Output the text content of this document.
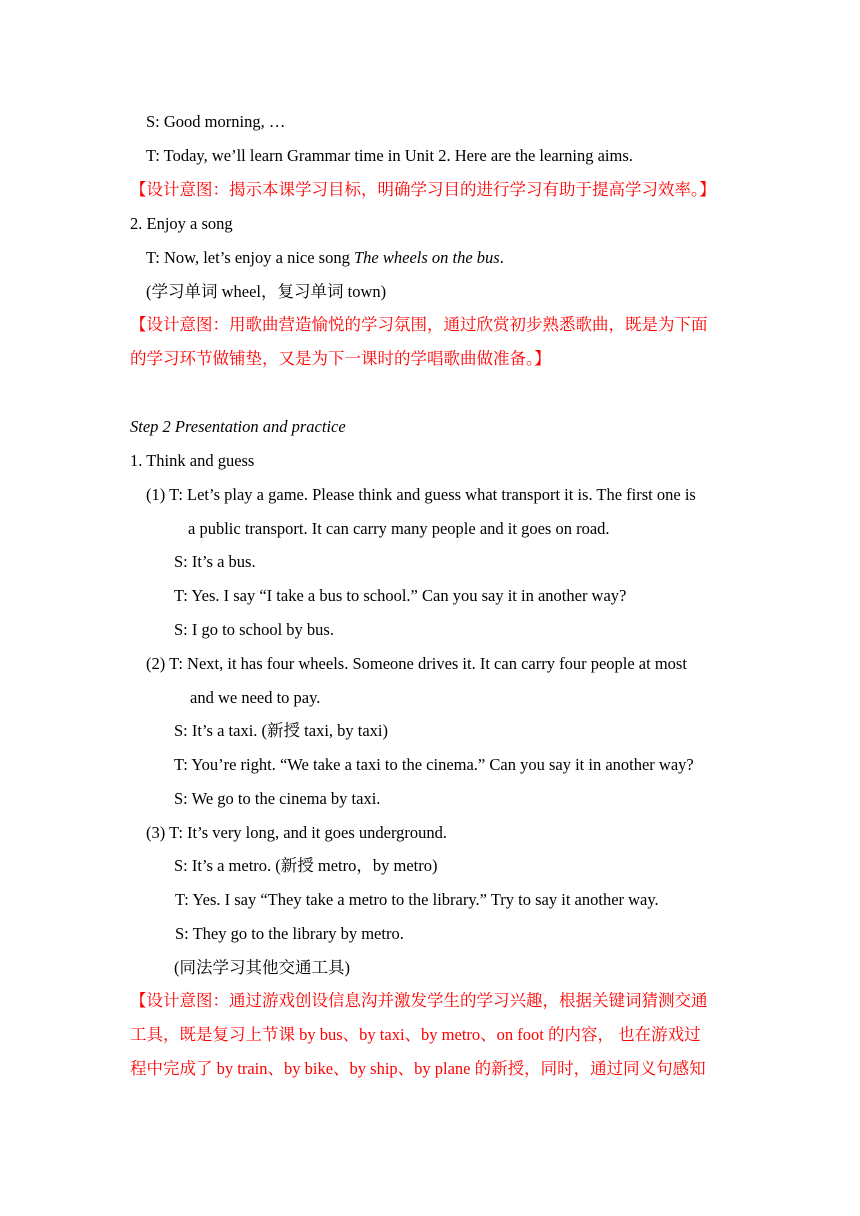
S: Good morning, …
T: Today, we’ll learn Grammar time in Unit 2. Here are the learning aims.
【设计意图：揭示本课学习目标，明确学习目的进行学习有助于提高学习效率。】
2. Enjoy a song
T: Now, let’s enjoy a nice song The wheels on the bus.
(学习单词 wheel，复习单词 town)
【设计意图：用歌曲营造愉悦的学习氛围，通过欣赏初步熟悉歌曲，既是为下面
的学习环节做铺垫，又是为下一课时的学唱歌曲做准备。】
Step 2 Presentation and practice
1. Think and guess
(1) T: Let’s play a game. Please think and guess what transport it is. The first one is
a public transport. It can carry many people and it goes on road.
S: It’s a bus.
T: Yes. I say “I take a bus to school.” Can you say it in another way?
S: I go to school by bus.
(2) T: Next, it has four wheels. Someone drives it. It can carry four people at most
and we need to pay.
S: It’s a taxi. (新授 taxi, by taxi)
T: You’re right. “We take a taxi to the cinema.” Can you say it in another way?
S: We go to the cinema by taxi.
(3) T: It’s very long, and it goes underground.
S: It’s a metro. (新授 metro，by metro)
T: Yes. I say “They take a metro to the library.” Try to say it another way.
S: They go to the library by metro.
(同法学习其他交通工具)
【设计意图：通过游戏创设信息沟并激发学生的学习兴趣，根据关键词猜测交通
工具，既是复习上节课 by bus、by taxi、by metro、on foot 的内容， 也在游戏过
程中完成了 by train、by bike、by ship、by plane 的新授，同时，通过同义句感知
